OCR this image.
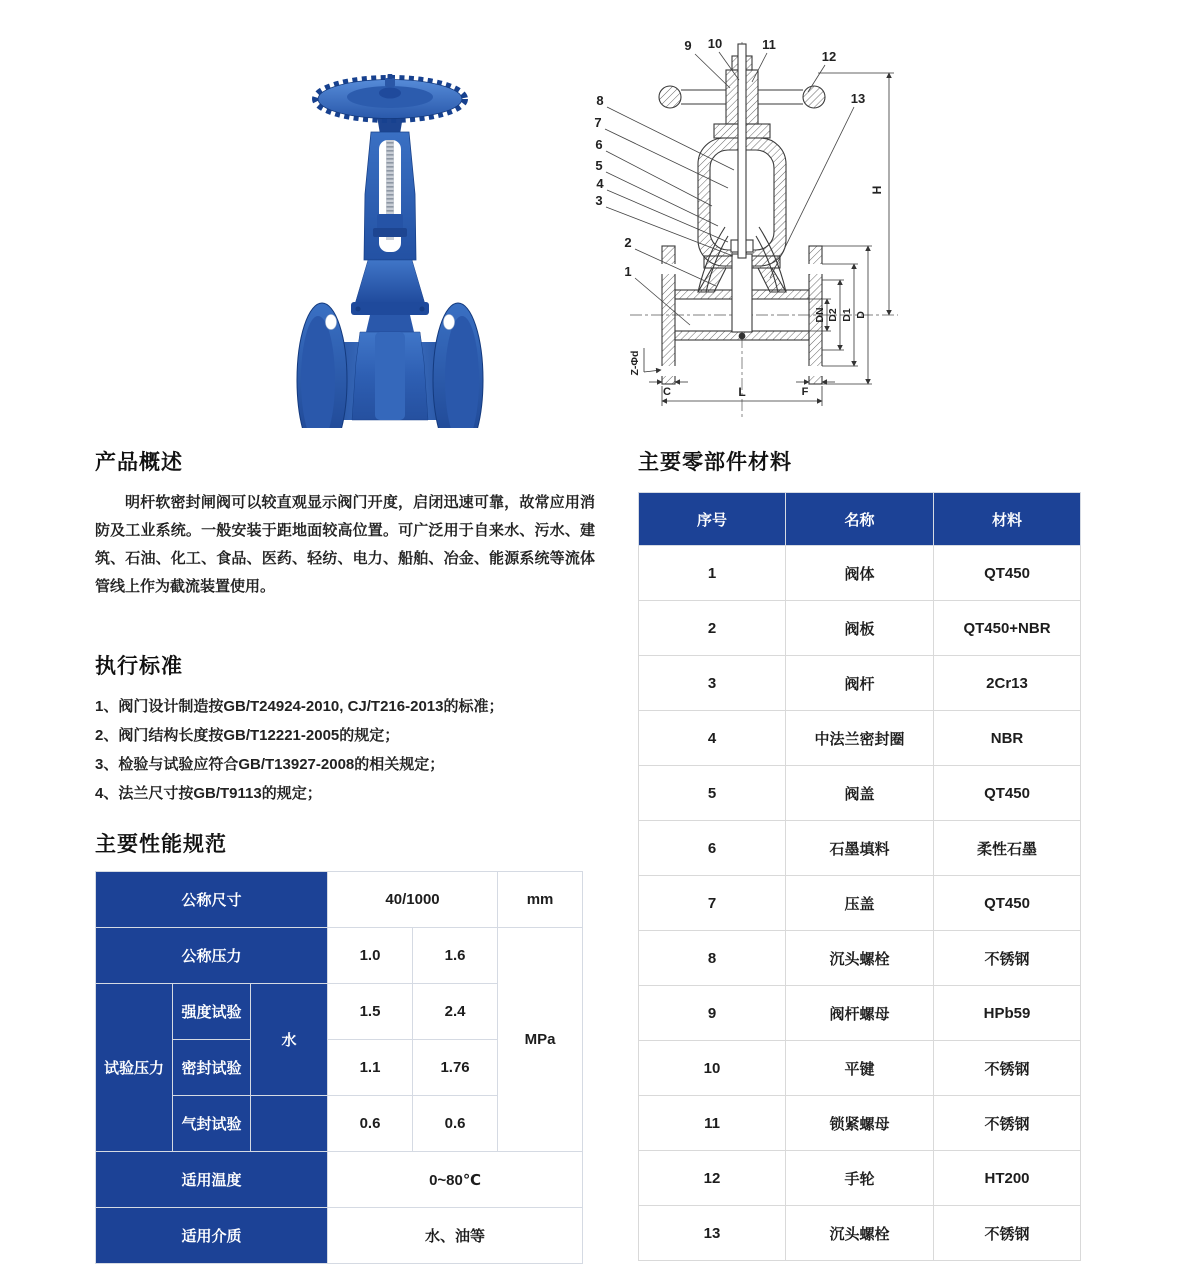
H
DN D2 D1 D
L
C	F
Z-Φd
1
2
3
4
5
6
7
8
9 10	11
12
13
产品概述

明杆软密封闸阀可以较直观显示阀门开度，启闭迅速可靠，故常应用消防及工业系统。一般安装于距地面较高位置。可广泛用于自来水、污水、建筑、石油、化工、食品、医药、轻纺、电力、船舶、冶金、能源系统等流体管线上作为截流装置使用。

执行标准
1、阀门设计制造按GB/T24924-2010, CJ/T216-2013的标准；
2、阀门结构长度按GB/T12221-2005的规定；
3、检验与试验应符合GB/T13927-2008的相关规定；
4、法兰尺寸按GB/T9113的规定；
主要性能规范
公称尺寸			40/1000		mm
公称压力			1.0	1.6	MPa
试验压力	强度试验	水	1.5	2.4	
	密封试验		1.1	1.76	
	气封试验		0.6	0.6	
适用温度			0~80℃		
适用介质			水、油等		
主要零部件材料
序号	名称	材料
1	阀体	QT450
2	阀板	QT450+NBR
3	阀杆	2Cr13
4	中法兰密封圈	NBR
5	阀盖	QT450
6	石墨填料	柔性石墨
7	压盖	QT450
8	沉头螺栓	不锈钢
9	阀杆螺母	HPb59
10	平键	不锈钢
11	锁紧螺母	不锈钢
12	手轮	HT200
13	沉头螺栓	不锈钢
